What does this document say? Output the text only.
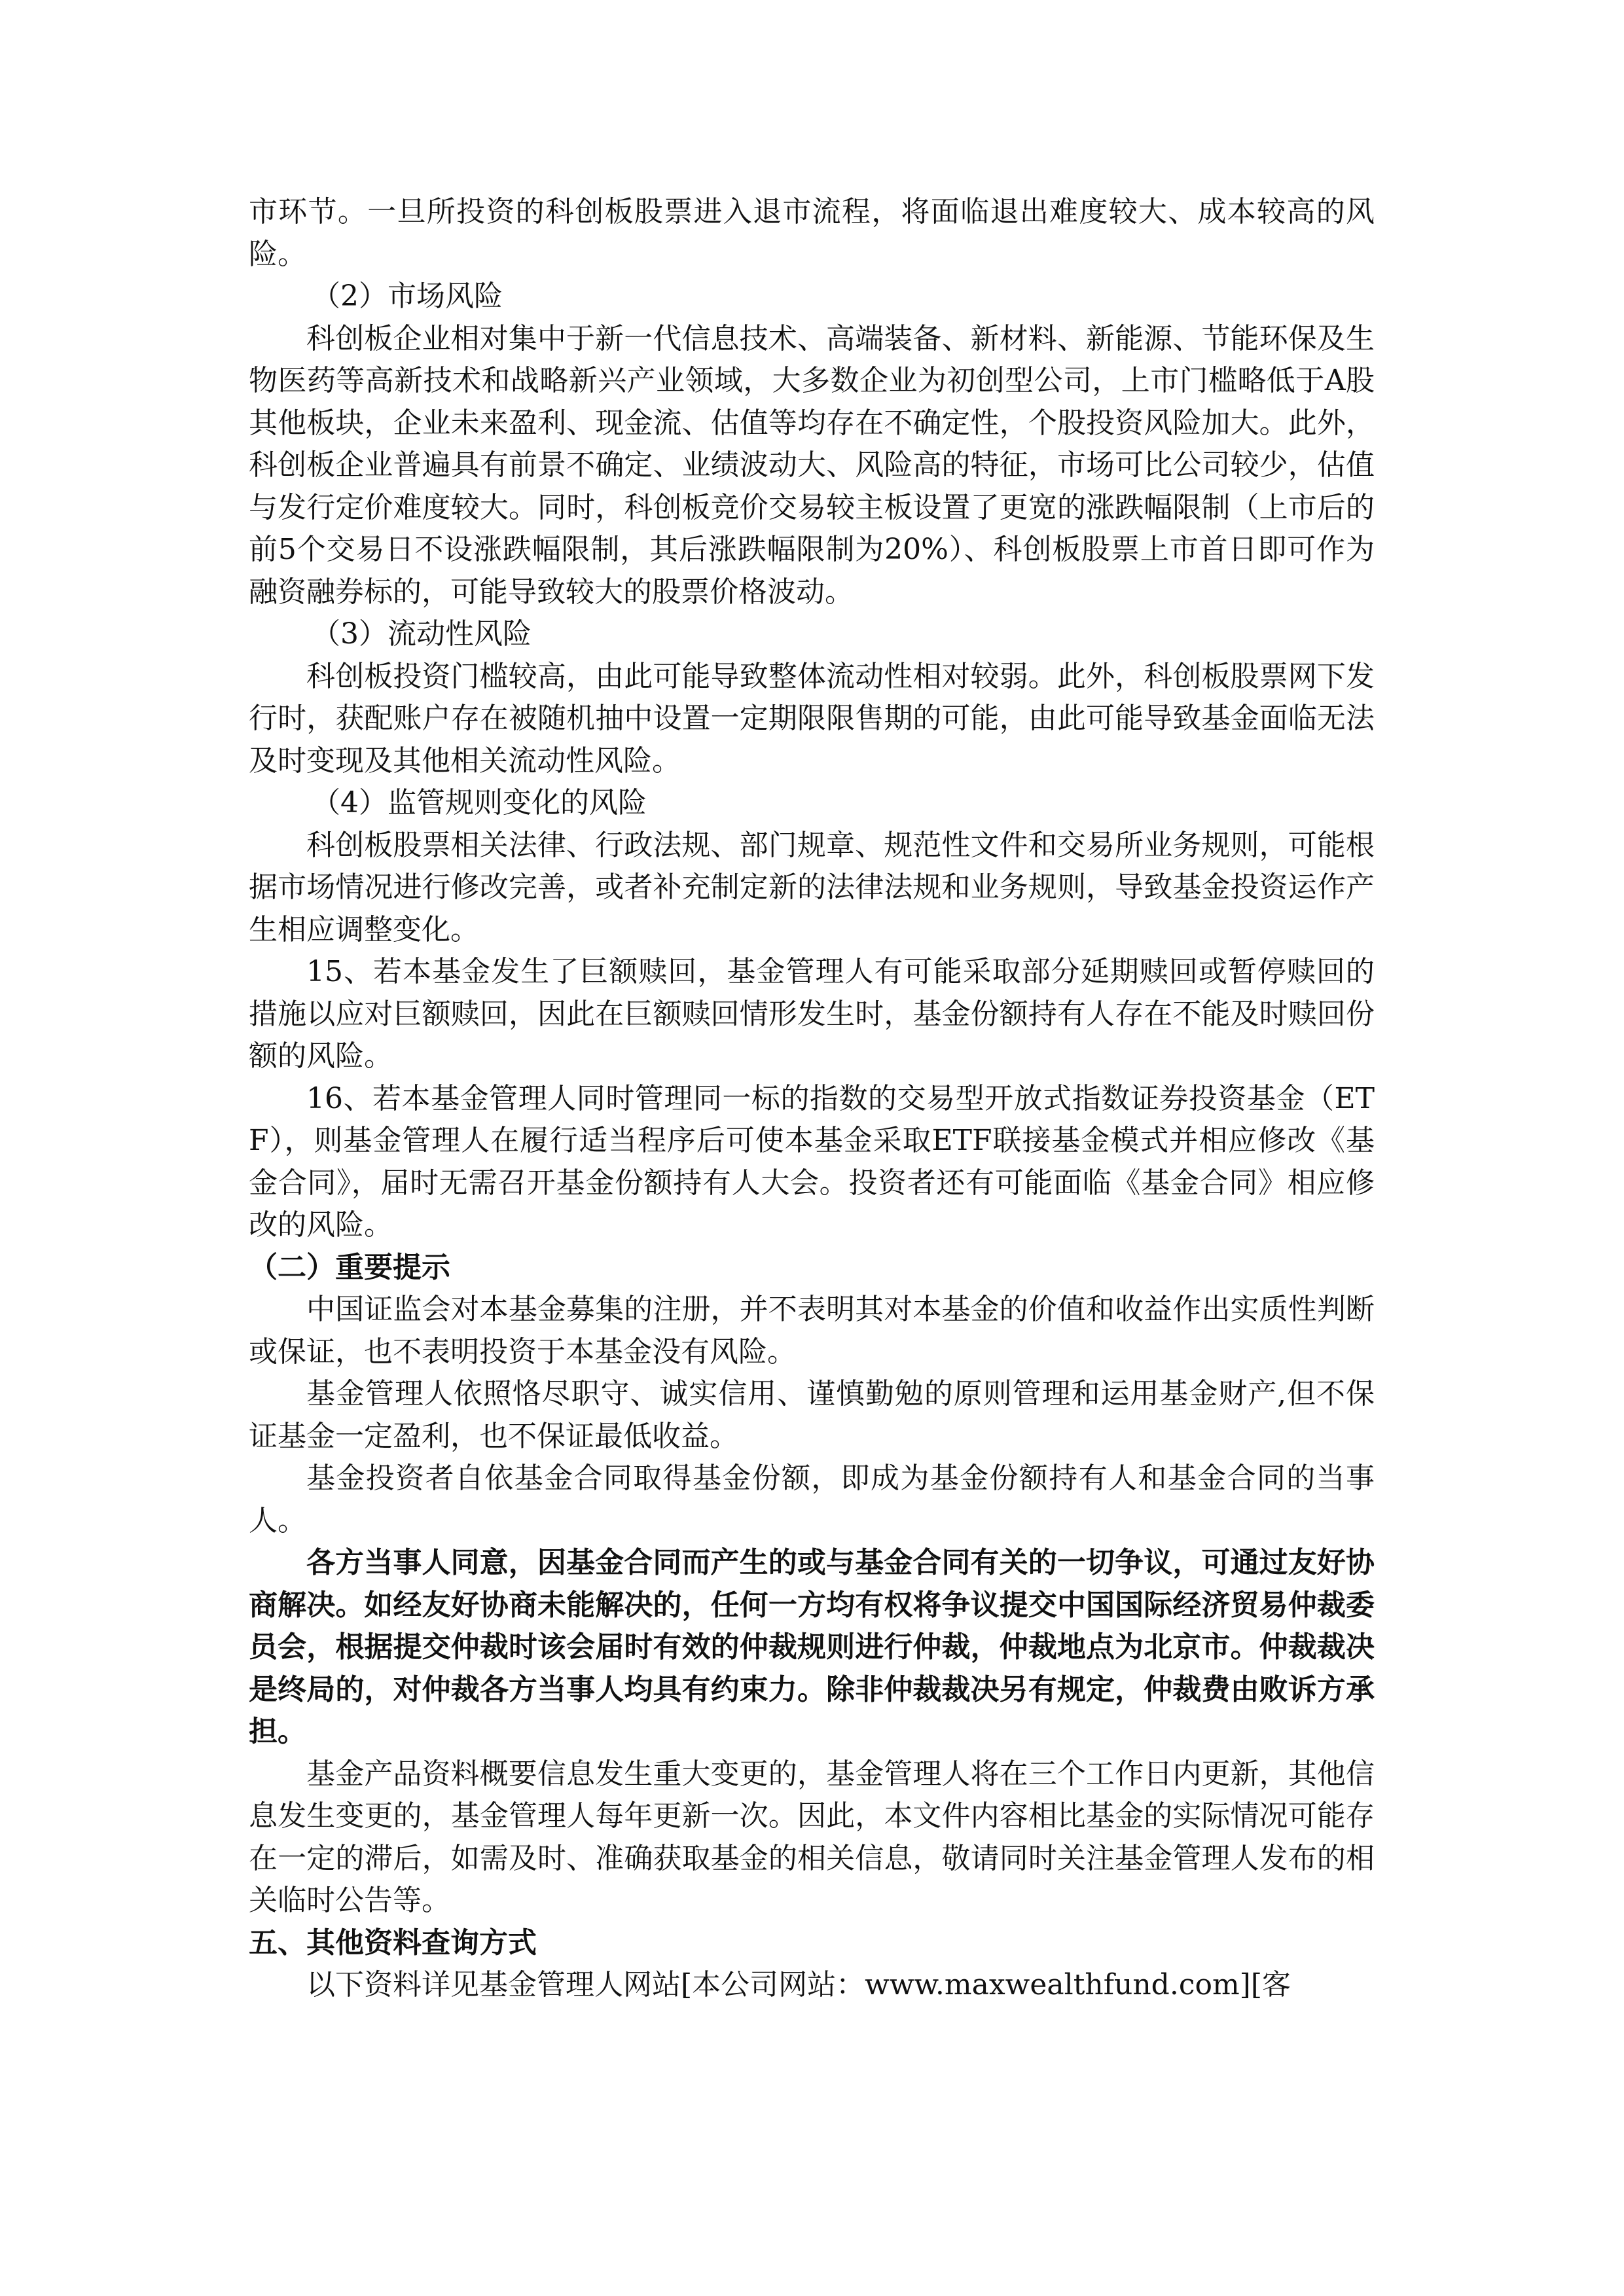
市环节。一旦所投资的科创板股票进入退市流程，将面临退出难度较大、成本较高的风险。

（2）市场风险

科创板企业相对集中于新一代信息技术、高端装备、新材料、新能源、节能环保及生物医药等高新技术和战略新兴产业领域，大多数企业为初创型公司，上市门槛略低于A股其他板块，企业未来盈利、现金流、估值等均存在不确定性，个股投资风险加大。此外，科创板企业普遍具有前景不确定、业绩波动大、风险高的特征，市场可比公司较少，估值与发行定价难度较大。同时，科创板竞价交易较主板设置了更宽的涨跌幅限制（上市后的前5个交易日不设涨跌幅限制，其后涨跌幅限制为20%）、科创板股票上市首日即可作为融资融券标的，可能导致较大的股票价格波动。

（3）流动性风险

科创板投资门槛较高，由此可能导致整体流动性相对较弱。此外，科创板股票网下发行时，获配账户存在被随机抽中设置一定期限限售期的可能，由此可能导致基金面临无法及时变现及其他相关流动性风险。

（4）监管规则变化的风险

科创板股票相关法律、行政法规、部门规章、规范性文件和交易所业务规则，可能根据市场情况进行修改完善，或者补充制定新的法律法规和业务规则，导致基金投资运作产生相应调整变化。

15、若本基金发生了巨额赎回，基金管理人有可能采取部分延期赎回或暂停赎回的措施以应对巨额赎回，因此在巨额赎回情形发生时，基金份额持有人存在不能及时赎回份额的风险。

16、若本基金管理人同时管理同一标的指数的交易型开放式指数证券投资基金（ETF），则基金管理人在履行适当程序后可使本基金采取ETF联接基金模式并相应修改《基金合同》，届时无需召开基金份额持有人大会。投资者还有可能面临《基金合同》相应修改的风险。

（二）重要提示

中国证监会对本基金募集的注册，并不表明其对本基金的价值和收益作出实质性判断或保证，也不表明投资于本基金没有风险。

基金管理人依照恪尽职守、诚实信用、谨慎勤勉的原则管理和运用基金财产,但不保证基金一定盈利，也不保证最低收益。

基金投资者自依基金合同取得基金份额，即成为基金份额持有人和基金合同的当事人。

各方当事人同意，因基金合同而产生的或与基金合同有关的一切争议，可通过友好协商解决。如经友好协商未能解决的，任何一方均有权将争议提交中国国际经济贸易仲裁委员会，根据提交仲裁时该会届时有效的仲裁规则进行仲裁，仲裁地点为北京市。仲裁裁决是终局的，对仲裁各方当事人均具有约束力。除非仲裁裁决另有规定，仲裁费由败诉方承担。

基金产品资料概要信息发生重大变更的，基金管理人将在三个工作日内更新，其他信息发生变更的，基金管理人每年更新一次。因此，本文件内容相比基金的实际情况可能存在一定的滞后，如需及时、准确获取基金的相关信息，敬请同时关注基金管理人发布的相关临时公告等。

五、其他资料查询方式

以下资料详见基金管理人网站[本公司网站：www.maxwealthfund.com][客
